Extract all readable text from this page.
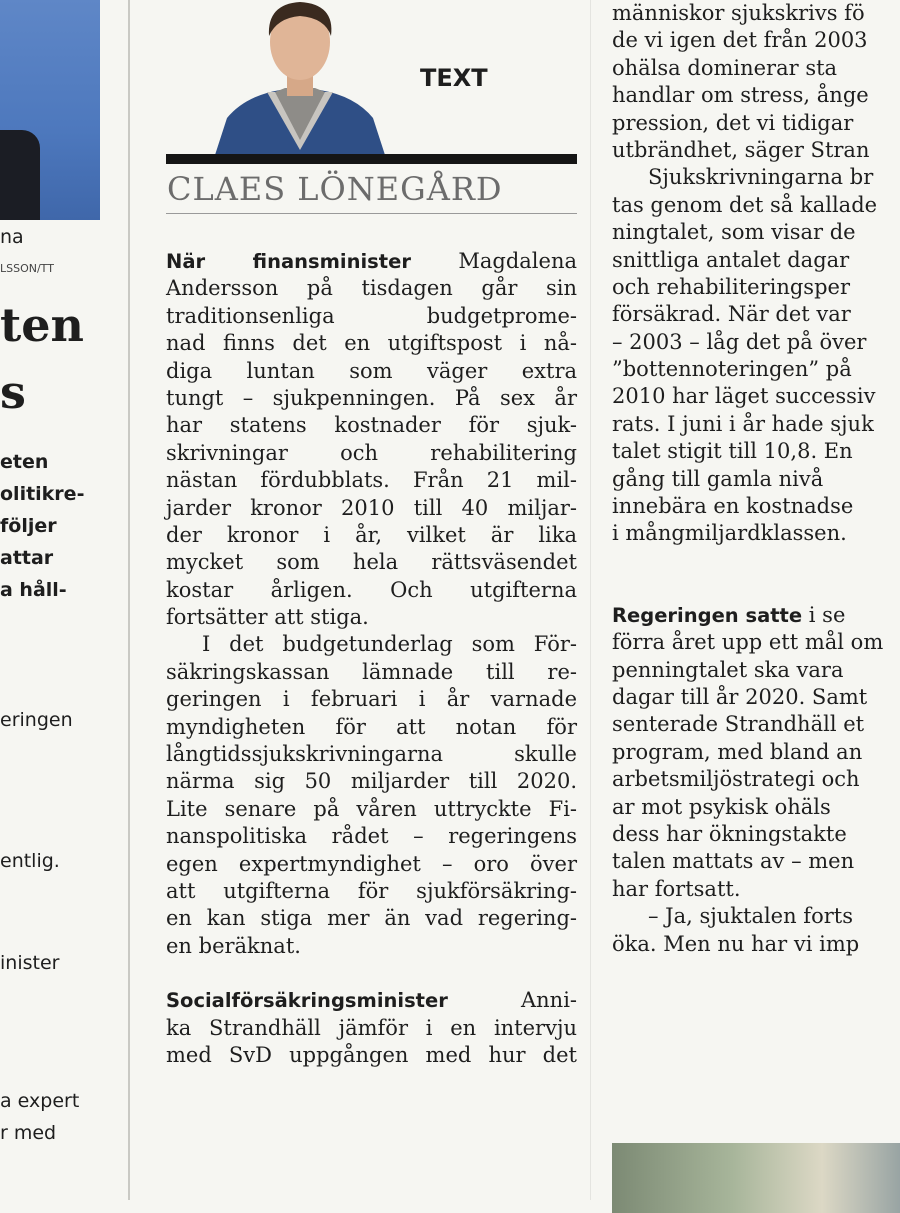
na
LSSON/TT
ten
s
eten
olitikre-
följer
attar
a håll-
eringen
entlig.
inister
a expert
r med
TEXT
CLAES LÖNEGÅRD
När finansminister Magdalena
Andersson på tisdagen går sin
traditionsenliga budgetprome-
nad finns det en utgiftspost i nå-
diga luntan som väger extra
tungt – sjukpenningen. På sex år
har statens kostnader för sjuk-
skrivningar och rehabilitering
nästan fördubblats. Från 21 mil-
jarder kronor 2010 till 40 miljar-
der kronor i år, vilket är lika
mycket som hela rättsväsendet
kostar årligen. Och utgifterna
fortsätter att stiga.
I det budgetunderlag som För-
säkringskassan lämnade till re-
geringen i februari i år varnade
myndigheten för att notan för
långtidssjukskrivningarna skulle
närma sig 50 miljarder till 2020.
Lite senare på våren uttryckte Fi-
nanspolitiska rådet – regeringens
egen expertmyndighet – oro över
att utgifterna för sjukförsäkring-
en kan stiga mer än vad regering-
en beräknat.
Socialförsäkringsminister Anni-
ka Strandhäll jämför i en intervju
med SvD uppgången med hur det
människor sjukskrivs fö
de vi igen det från 2003
ohälsa dominerar sta
handlar om stress, ånge
pression, det vi tidigar
utbrändhet, säger Stran
Sjukskrivningarna br
tas genom det så kallade
ningtalet, som visar de
snittliga antalet dagar
och rehabiliteringsper
försäkrad. När det var
– 2003 – låg det på över
”bottennoteringen” på
2010 har läget successiv
rats. I juni i år hade sjuk
talet stigit till 10,8. En
gång till gamla nivå
innebära en kostnadse
i mångmiljardklassen.
Regeringen satte i se
förra året upp ett mål om
penningtalet ska vara
dagar till år 2020. Samt
senterade Strandhäll et
program, med bland an
arbetsmiljöstrategi och
ar mot psykisk ohäls
dess har ökningstakte
talen mattats av – men
har fortsatt.
– Ja, sjuktalen forts
öka. Men nu har vi imp
